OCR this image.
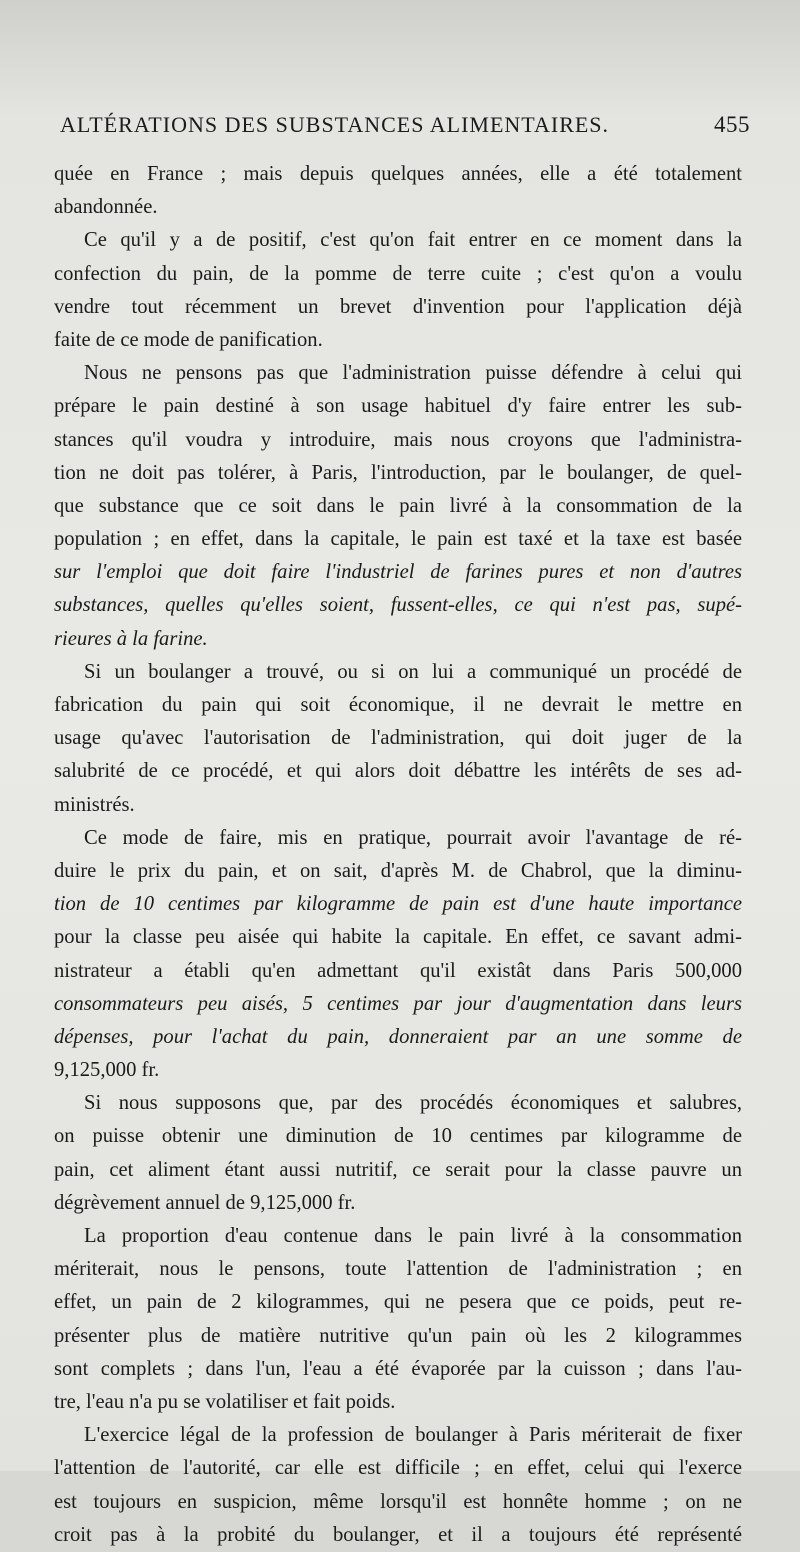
ALTÉRATIONS DES SUBSTANCES ALIMENTAIRES.	455
quée en France ; mais depuis quelques années, elle a été totalement
abandonnée.
Ce qu'il y a de positif, c'est qu'on fait entrer en ce moment dans la
confection du pain, de la pomme de terre cuite ; c'est qu'on a voulu
vendre tout récemment un brevet d'invention pour l'application déjà
faite de ce mode de panification.
Nous ne pensons pas que l'administration puisse défendre à celui qui
prépare le pain destiné à son usage habituel d'y faire entrer les sub-
stances qu'il voudra y introduire, mais nous croyons que l'administra-
tion ne doit pas tolérer, à Paris, l'introduction, par le boulanger, de quel-
que substance que ce soit dans le pain livré à la consommation de la
population ; en effet, dans la capitale, le pain est taxé et la taxe est basée
sur l'emploi que doit faire l'industriel de farines pures et non d'autres
substances, quelles qu'elles soient, fussent-elles, ce qui n'est pas, supé-
rieures à la farine.
Si un boulanger a trouvé, ou si on lui a communiqué un procédé de
fabrication du pain qui soit économique, il ne devrait le mettre en
usage qu'avec l'autorisation de l'administration, qui doit juger de la
salubrité de ce procédé, et qui alors doit débattre les intérêts de ses ad-
ministrés.
Ce mode de faire, mis en pratique, pourrait avoir l'avantage de ré-
duire le prix du pain, et on sait, d'après M. de Chabrol, que la diminu-
tion de 10 centimes par kilogramme de pain est d'une haute importance
pour la classe peu aisée qui habite la capitale. En effet, ce savant admi-
nistrateur a établi qu'en admettant qu'il existât dans Paris 500,000
consommateurs peu aisés, 5 centimes par jour d'augmentation dans leurs
dépenses, pour l'achat du pain, donneraient par an une somme de
9,125,000 fr.
Si nous supposons que, par des procédés économiques et salubres,
on puisse obtenir une diminution de 10 centimes par kilogramme de
pain, cet aliment étant aussi nutritif, ce serait pour la classe pauvre un
dégrèvement annuel de 9,125,000 fr.
La proportion d'eau contenue dans le pain livré à la consommation
mériterait, nous le pensons, toute l'attention de l'administration ; en
effet, un pain de 2 kilogrammes, qui ne pesera que ce poids, peut re-
présenter plus de matière nutritive qu'un pain où les 2 kilogrammes
sont complets ; dans l'un, l'eau a été évaporée par la cuisson ; dans l'au-
tre, l'eau n'a pu se volatiliser et fait poids.
L'exercice légal de la profession de boulanger à Paris mériterait de fixer
l'attention de l'autorité, car elle est difficile ; en effet, celui qui l'exerce
est toujours en suspicion, même lorsqu'il est honnête homme ; on ne
croit pas à la probité du boulanger, et il a toujours été représenté
